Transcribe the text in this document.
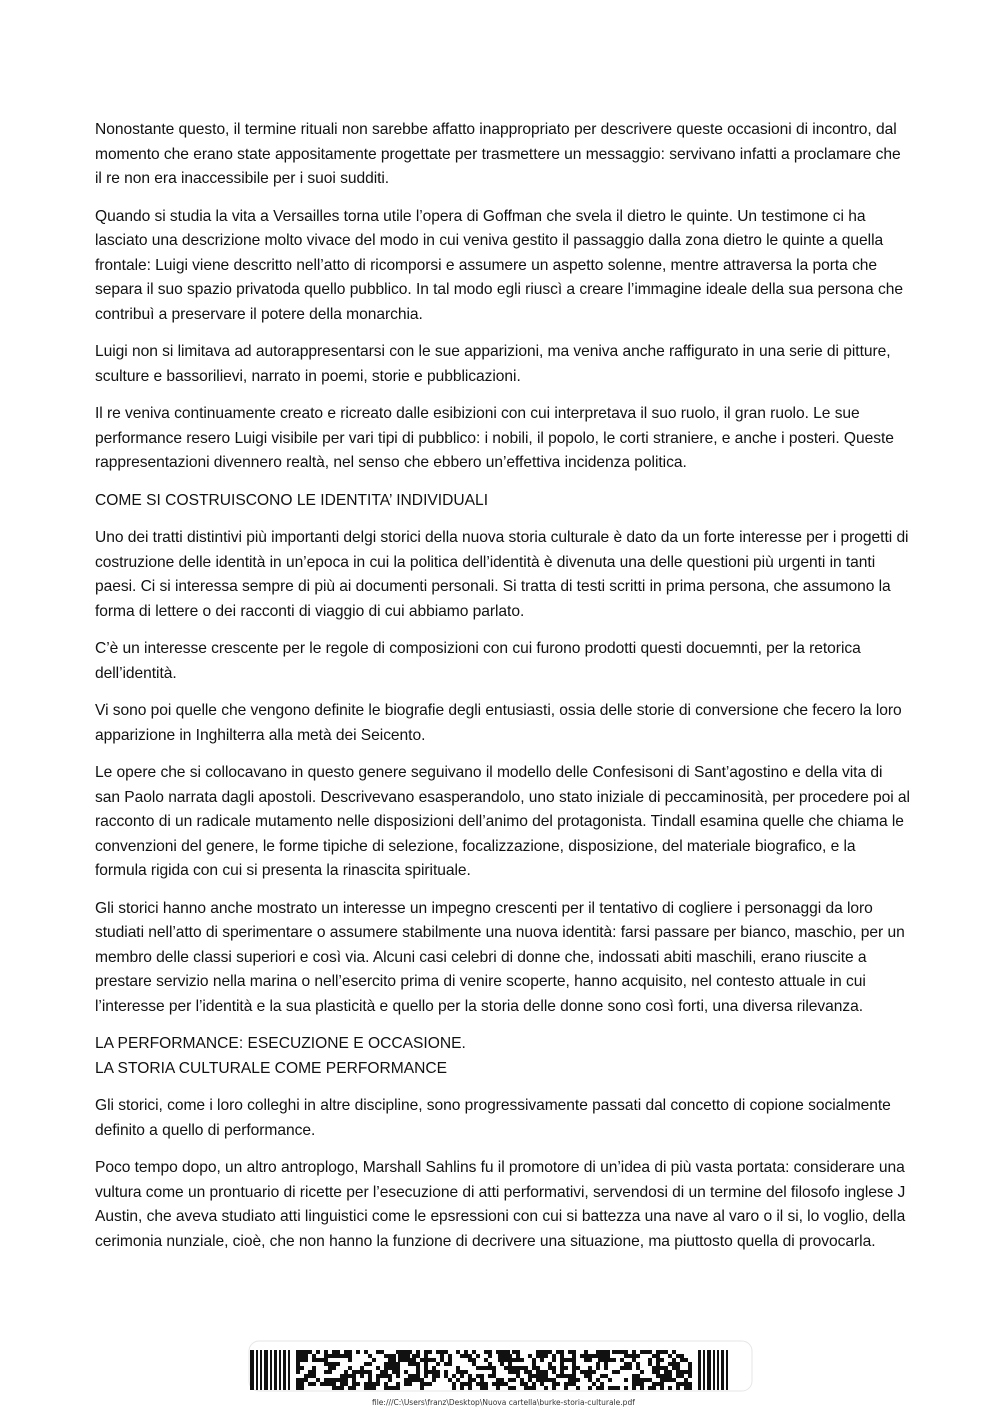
Nonostante questo, il termine rituali non sarebbe affatto inappropriato per descrivere queste occasioni di incontro, dal momento che erano state appositamente progettate per trasmettere un messaggio: servivano infatti a proclamare che il re non era inaccessibile per i suoi sudditi.

Quando si studia la vita a Versailles torna utile l’opera di Goffman che svela il dietro le quinte. Un testimone ci ha lasciato una descrizione molto vivace del modo in cui veniva gestito il passaggio dalla zona dietro le quinte a quella frontale: Luigi viene descritto nell’atto di ricomporsi e assumere un aspetto solenne, mentre attraversa la porta che separa il suo spazio privatoda quello pubblico. In tal modo egli riuscì a creare l’immagine ideale della sua persona che contribuì a preservare il potere della monarchia.

Luigi non si limitava ad autorappresentarsi con le sue apparizioni, ma veniva anche raffigurato in una serie di pitture, sculture e bassorilievi, narrato in poemi, storie e pubblicazioni.

Il re veniva continuamente creato e ricreato dalle esibizioni con cui interpretava il suo ruolo, il gran ruolo. Le sue performance resero Luigi visibile per vari tipi di pubblico: i nobili, il popolo, le corti straniere, e anche i posteri. Queste rappresentazioni divennero realtà, nel senso che ebbero un’effettiva incidenza politica.

COME SI COSTRUISCONO LE IDENTITA’ INDIVIDUALI

Uno dei tratti distintivi più importanti delgi storici della nuova storia culturale è dato da un forte interesse per i progetti di costruzione delle identità in un’epoca in cui la politica dell’identità è divenuta una delle questioni più urgenti in tanti paesi. Ci si interessa sempre di più ai documenti personali. Si tratta di testi scritti in prima persona, che assumono la forma di lettere o dei racconti di viaggio di cui abbiamo parlato.

C’è un interesse crescente per le regole di composizioni con cui furono prodotti questi docuemnti, per la retorica dell’identità.

Vi sono poi quelle che vengono definite le biografie degli entusiasti, ossia delle storie di conversione che fecero la loro apparizione in Inghilterra alla metà dei Seicento.

Le opere che si collocavano in questo genere seguivano il modello delle Confesisoni di Sant’agostino e della vita di san Paolo narrata dagli apostoli. Descrivevano esasperandolo, uno stato iniziale di peccaminosità, per procedere poi al racconto di un radicale mutamento nelle disposizioni dell’animo del protagonista. Tindall esamina quelle che chiama le convenzioni del genere, le forme tipiche di selezione, focalizzazione, disposizione, del materiale biografico, e la formula rigida con cui si presenta la rinascita spirituale.

Gli storici hanno anche mostrato un interesse un impegno crescenti per il tentativo di cogliere i personaggi da loro studiati nell’atto di sperimentare o assumere stabilmente una nuova identità: farsi passare per bianco, maschio, per un membro delle classi superiori e così via. Alcuni casi celebri di donne che, indossati abiti maschili, erano riuscite a prestare servizio nella marina o nell’esercito prima di venire scoperte, hanno acquisito, nel contesto attuale in cui l’interesse per l’identità e la sua plasticità e quello per la storia delle donne sono così forti, una diversa rilevanza.

LA PERFORMANCE: ESECUZIONE E OCCASIONE.
LA STORIA CULTURALE COME PERFORMANCE

Gli storici, come i loro colleghi in altre discipline, sono progressivamente passati dal concetto di copione socialmente definito a quello di performance.

Poco tempo dopo, un altro antroplogo, Marshall Sahlins fu il promotore di un’idea di più vasta portata: considerare una vultura come un prontuario di ricette per l’esecuzione di atti performativi, servendosi di un termine del filosofo inglese J Austin, che aveva studiato atti linguistici come le epsressioni con cui si battezza una nave al varo o il si, lo voglio, della cerimonia nunziale, cioè, che non hanno la funzione di decrivere una situazione, ma piuttosto quella di provocarla.

file:///C:\Users\franz\Desktop\Nuova cartella\burke-storia-culturale.pdf
